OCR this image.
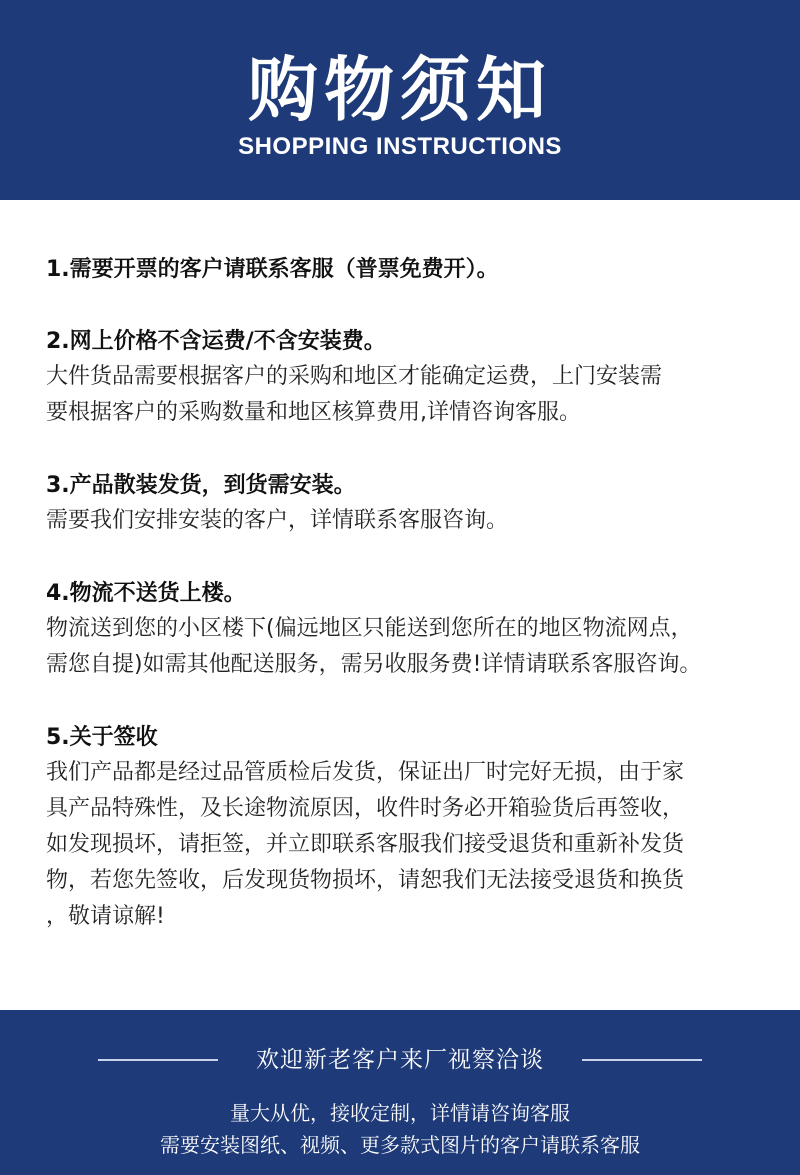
购物须知
SHOPPING INSTRUCTIONS
1.需要开票的客户请联系客服（普票免费开）。
2.网上价格不含运费/不含安装费。
大件货品需要根据客户的采购和地区才能确定运费，上门安装需
要根据客户的采购数量和地区核算费用,详情咨询客服。
3.产品散装发货，到货需安装。
需要我们安排安装的客户，详情联系客服咨询。
4.物流不送货上楼。
物流送到您的小区楼下(偏远地区只能送到您所在的地区物流网点，
需您自提)如需其他配送服务，需另收服务费!详情请联系客服咨询。
5.关于签收
我们产品都是经过品管质检后发货，保证出厂时完好无损，由于家
具产品特殊性，及长途物流原因，收件时务必开箱验货后再签收，
如发现损坏，请拒签，并立即联系客服我们接受退货和重新补发货
物，若您先签收，后发现货物损坏，请恕我们无法接受退货和换货
，敬请谅解!
欢迎新老客户来厂视察洽谈
量大从优，接收定制，详情请咨询客服
需要安装图纸、视频、更多款式图片的客户请联系客服
